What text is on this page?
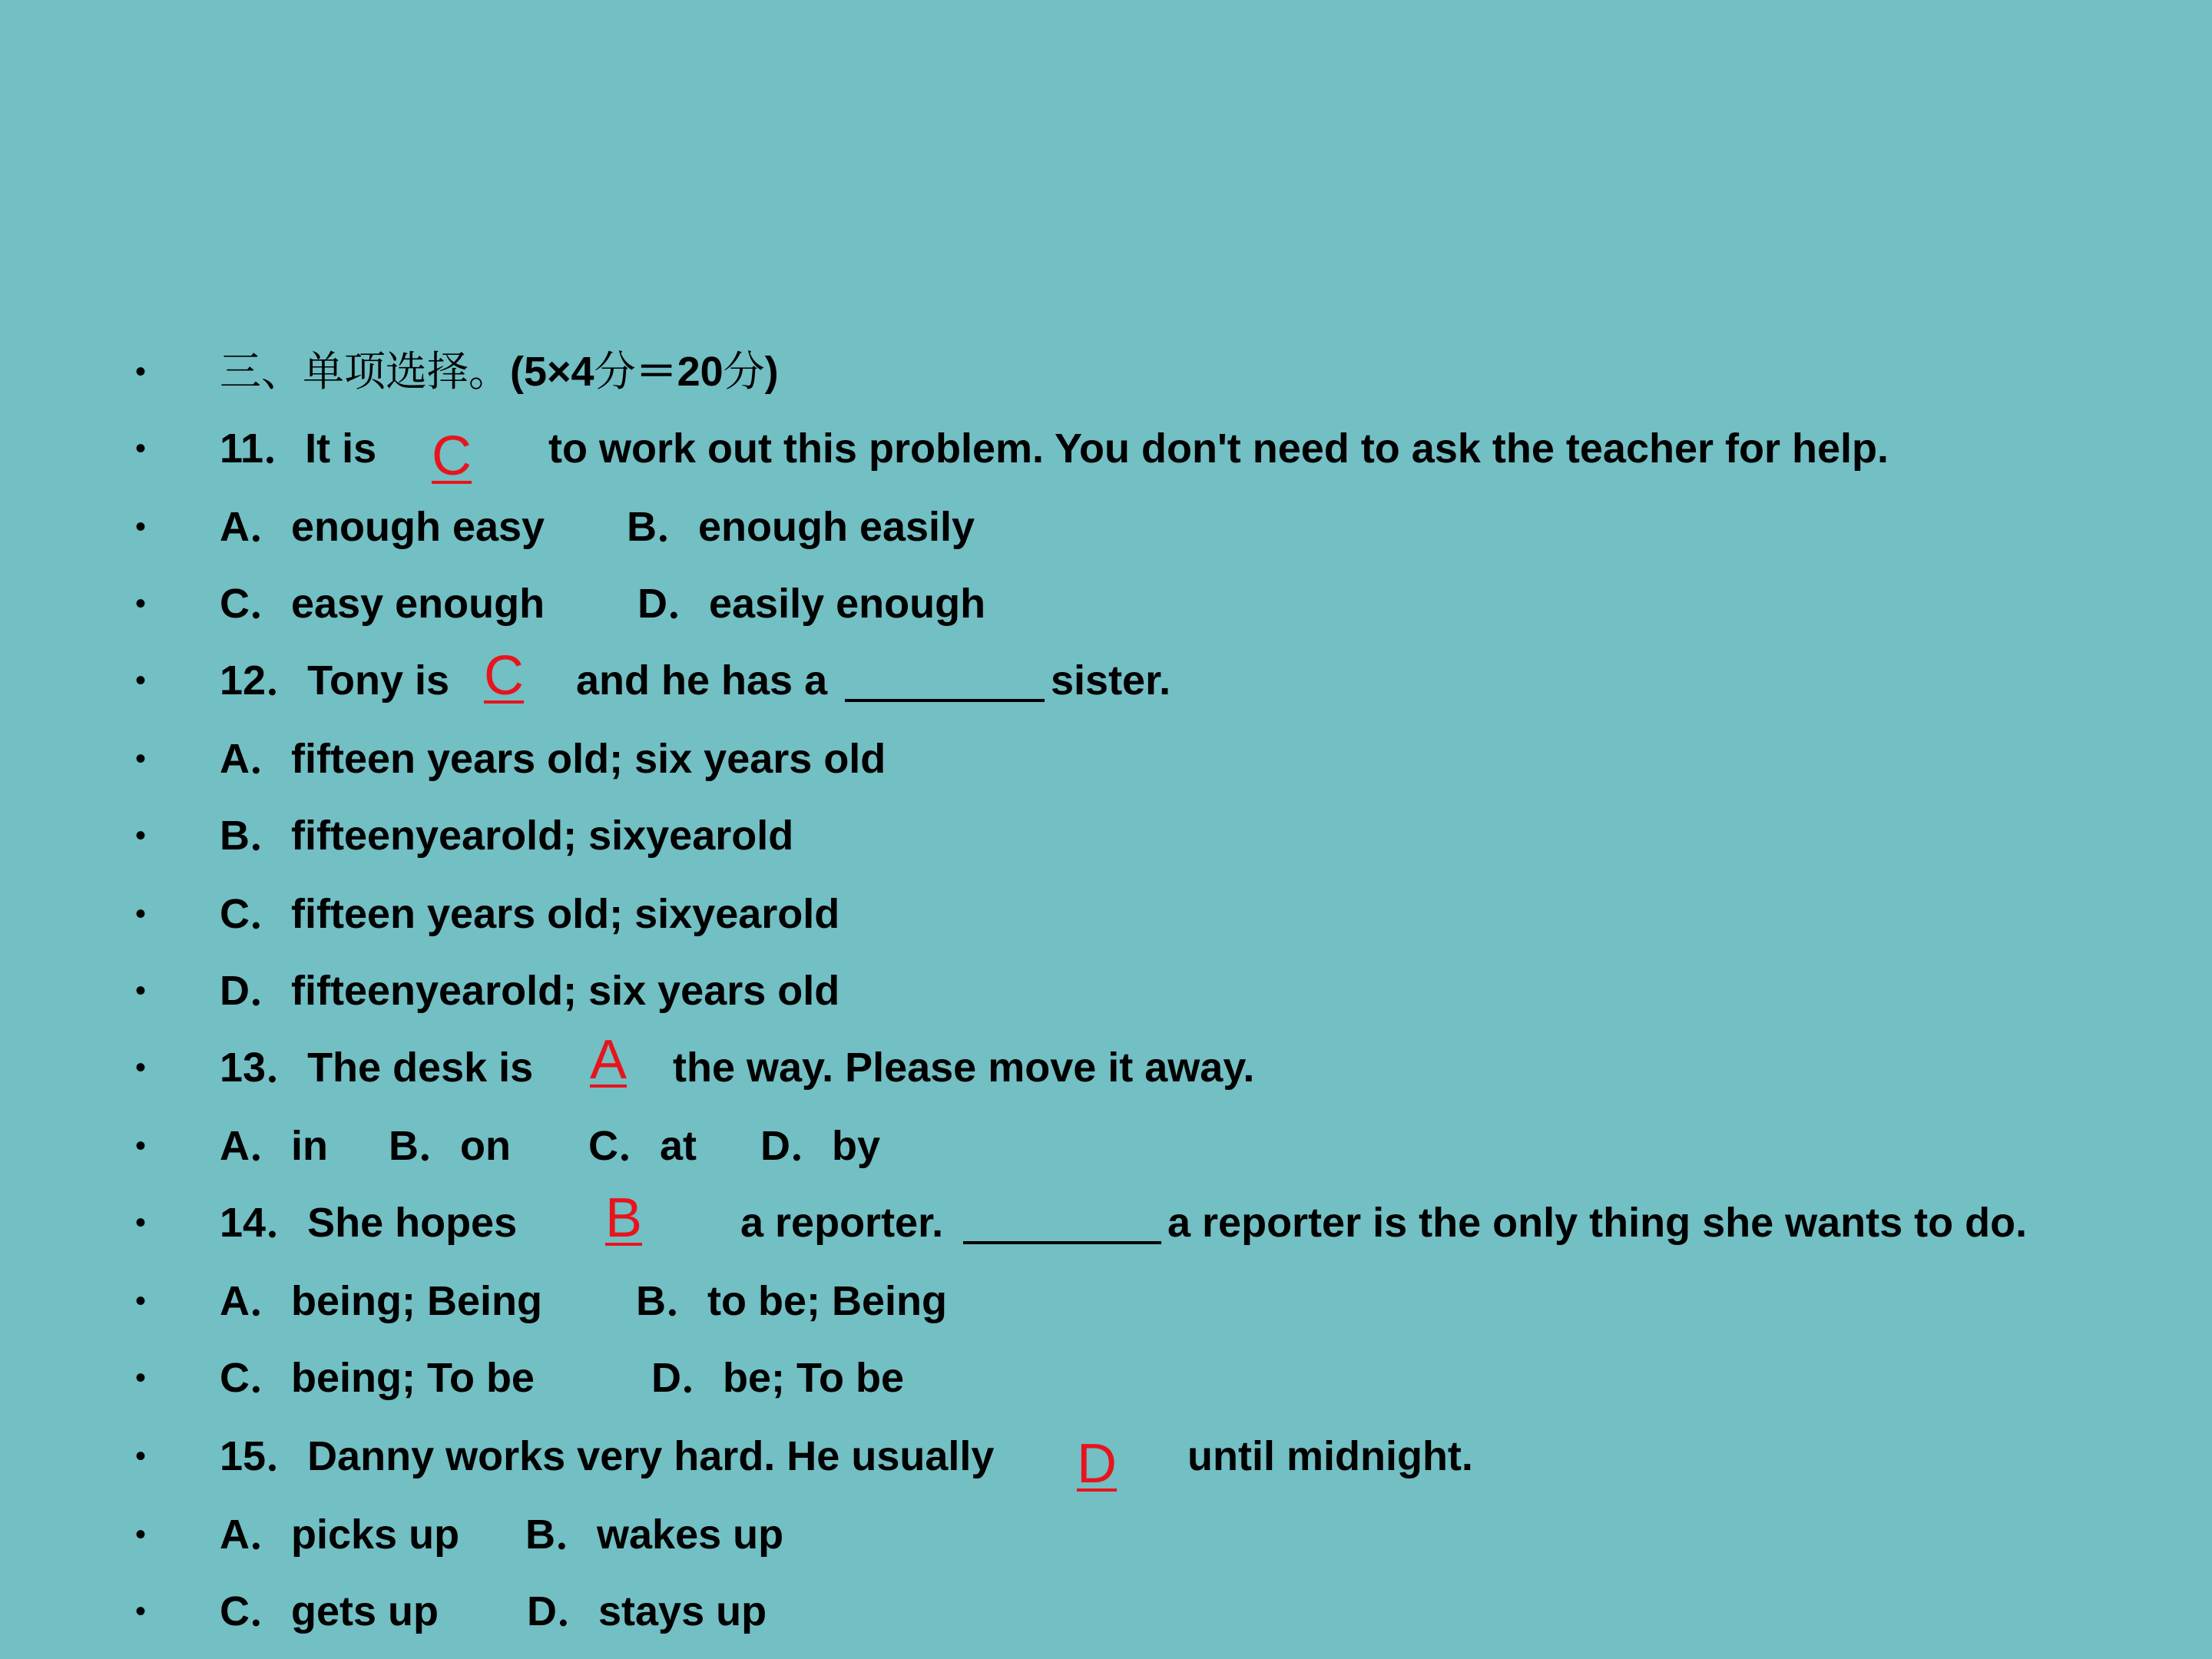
• 三、单项选择。(5×4分＝20分)
• 11．It is C to work out this problem. You don't need to ask the teacher for help.
• A．enough easy B．enough easily
• C．easy enough D．easily enough
• 12．Tony is C and he has a	sister.
• A．fifteen years old; six years old
• B．fifteenyearold; sixyearold
• C．fifteen years old; sixyearold
• D．fifteenyearold; six years old
• 13．The desk is A the way. Please move it away.
• A．in B．on C．at D．by
• 14．She hopes B a reporter.	a reporter is the only thing she wants to do.
• A．being; Being B．to be; Being
• C．being; To be	D．be; To be
• 15．Danny works very hard. He usually D until midnight.
• A．picks up B．wakes up
• C．gets up D．stays up
